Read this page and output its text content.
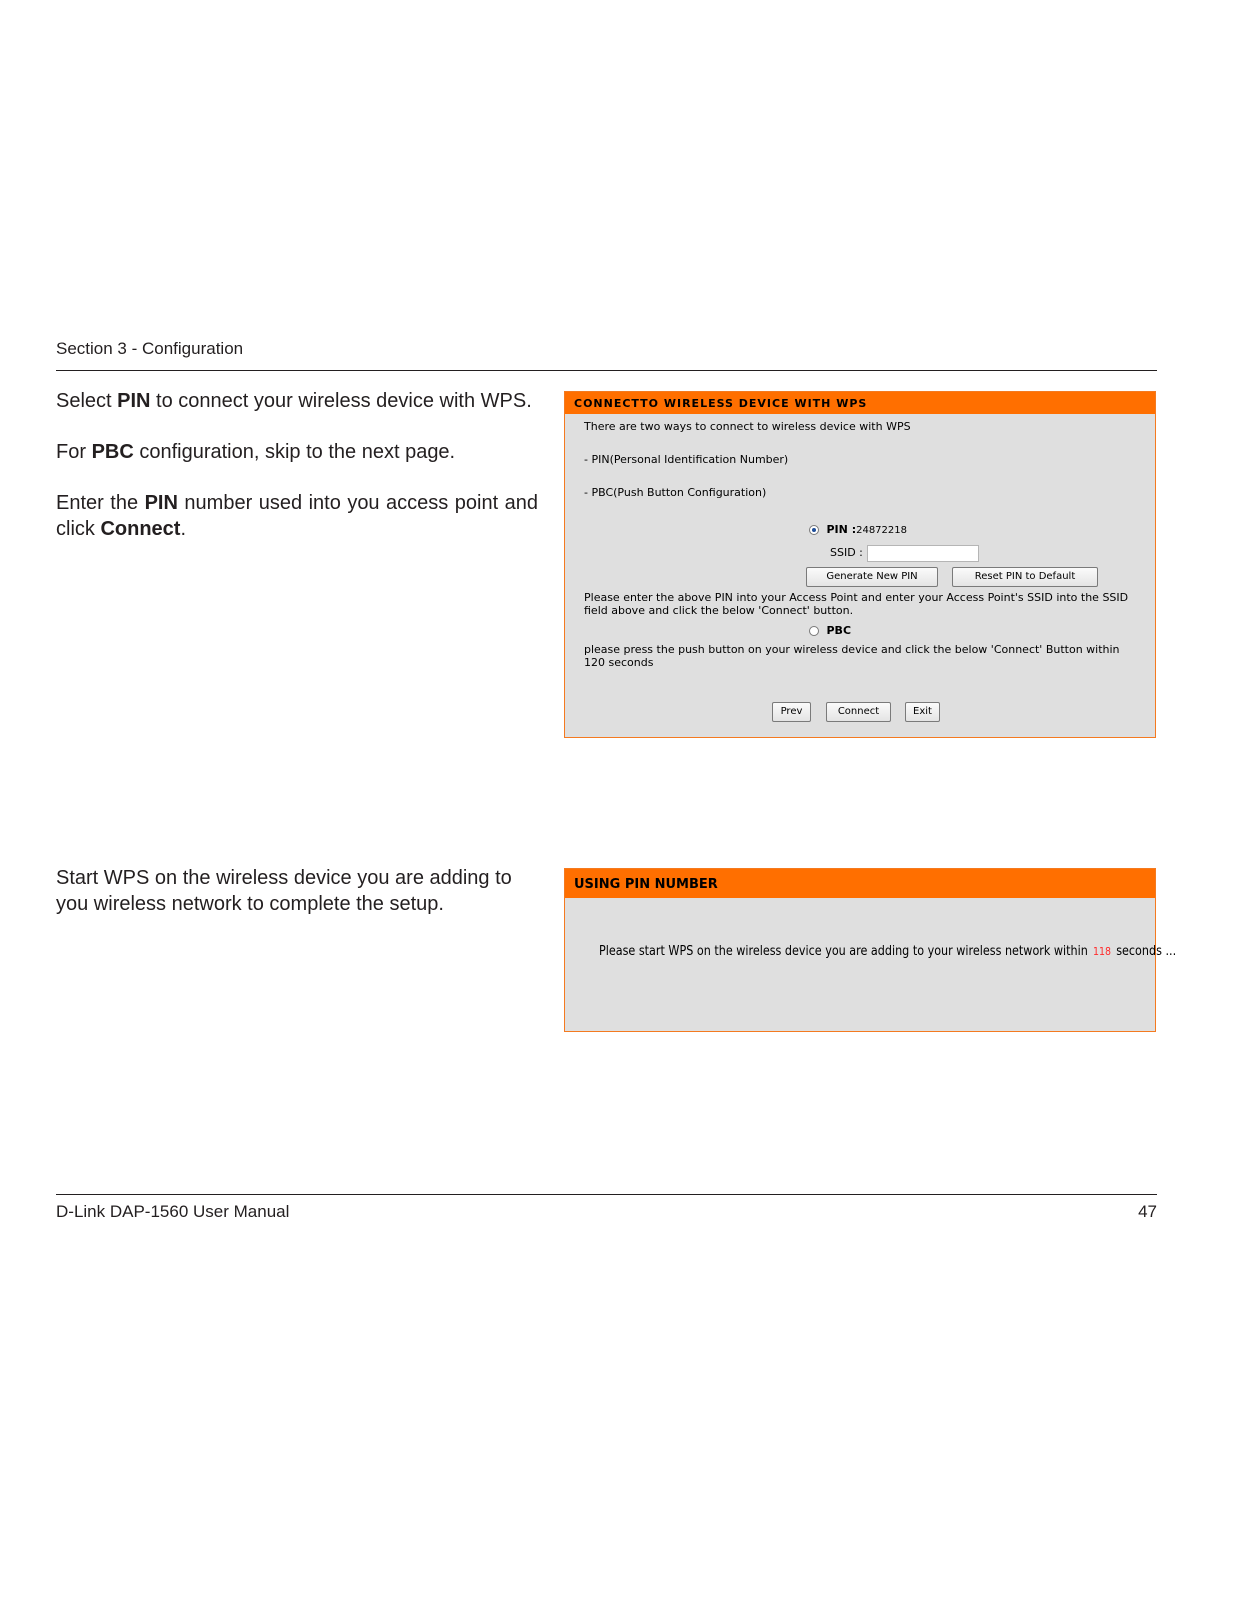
Section 3 - Configuration

Select PIN to connect your wireless device with WPS.

For PBC configuration, skip to the next page.

Enter the PIN number used into you access point and click Connect.

CONNECTTO WIRELESS DEVICE WITH WPS
There are two ways to connect to wireless device with WPS
- PIN(Personal Identification Number)
- PBC(Push Button Configuration)
PIN :24872218
SSID :
Generate New PIN	Reset PIN to Default
Please enter the above PIN into your Access Point and enter your Access Point's SSID into the SSID field above and click the below 'Connect' button.
PBC
please press the push button on your wireless device and click the below 'Connect' Button within 120 seconds
Prev	Connect	Exit

Start WPS on the wireless device you are adding to you wireless network to complete the setup.

USING PIN NUMBER
Please start WPS on the wireless device you are adding to your wireless network within 118 seconds ...
D-Link DAP-1560 User Manual	47
